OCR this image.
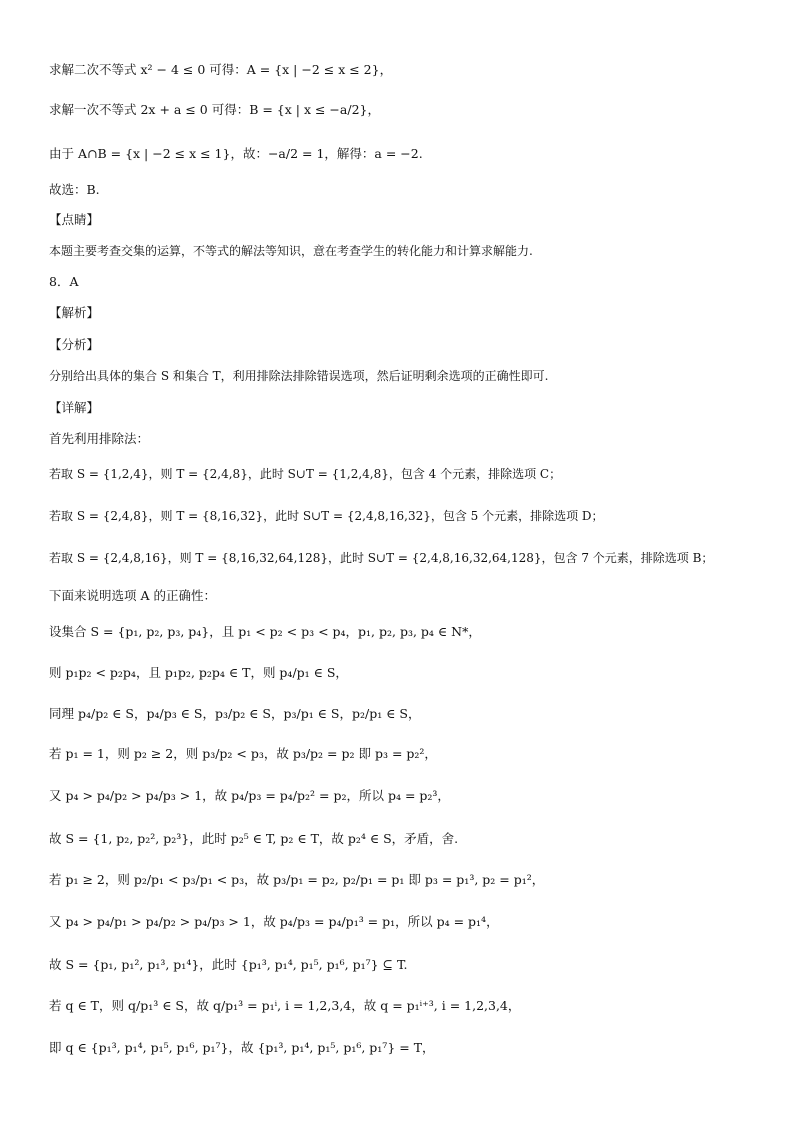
求解二次不等式 x² − 4 ≤ 0 可得：A = {x | −2 ≤ x ≤ 2}，
求解一次不等式 2x + a ≤ 0 可得：B = {x | x ≤ −a/2}，
由于 A∩B = {x | −2 ≤ x ≤ 1}，故：−a/2 = 1，解得：a = −2.
故选：B.
【点睛】
本题主要考查交集的运算，不等式的解法等知识，意在考查学生的转化能力和计算求解能力.
8．A
【解析】
【分析】
分别给出具体的集合 S 和集合 T，利用排除法排除错误选项，然后证明剩余选项的正确性即可.
【详解】
首先利用排除法：
若取 S = {1,2,4}，则 T = {2,4,8}，此时 S∪T = {1,2,4,8}，包含 4 个元素，排除选项 C；
若取 S = {2,4,8}，则 T = {8,16,32}，此时 S∪T = {2,4,8,16,32}，包含 5 个元素，排除选项 D；
若取 S = {2,4,8,16}，则 T = {8,16,32,64,128}，此时 S∪T = {2,4,8,16,32,64,128}，包含 7 个元素，排除选项 B；
下面来说明选项 A 的正确性：
设集合 S = {p₁, p₂, p₃, p₄}，且 p₁ < p₂ < p₃ < p₄，p₁, p₂, p₃, p₄ ∈ N*，
则 p₁p₂ < p₂p₄，且 p₁p₂, p₂p₄ ∈ T，则 p₄/p₁ ∈ S，
同理 p₄/p₂ ∈ S，p₄/p₃ ∈ S，p₃/p₂ ∈ S，p₃/p₁ ∈ S，p₂/p₁ ∈ S，
若 p₁ = 1，则 p₂ ≥ 2，则 p₃/p₂ < p₃，故 p₃/p₂ = p₂ 即 p₃ = p₂²，
又 p₄ > p₄/p₂ > p₄/p₃ > 1，故 p₄/p₃ = p₄/p₂² = p₂，所以 p₄ = p₂³，
故 S = {1, p₂, p₂², p₂³}，此时 p₂⁵ ∈ T, p₂ ∈ T，故 p₂⁴ ∈ S，矛盾，舍.
若 p₁ ≥ 2，则 p₂/p₁ < p₃/p₁ < p₃，故 p₃/p₁ = p₂, p₂/p₁ = p₁ 即 p₃ = p₁³, p₂ = p₁²，
又 p₄ > p₄/p₁ > p₄/p₂ > p₄/p₃ > 1，故 p₄/p₃ = p₄/p₁³ = p₁，所以 p₄ = p₁⁴，
故 S = {p₁, p₁², p₁³, p₁⁴}，此时 {p₁³, p₁⁴, p₁⁵, p₁⁶, p₁⁷} ⊆ T.
若 q ∈ T，则 q/p₁³ ∈ S，故 q/p₁³ = p₁ⁱ, i = 1,2,3,4，故 q = p₁ⁱ⁺³, i = 1,2,3,4，
即 q ∈ {p₁³, p₁⁴, p₁⁵, p₁⁶, p₁⁷}，故 {p₁³, p₁⁴, p₁⁵, p₁⁶, p₁⁷} = T，
